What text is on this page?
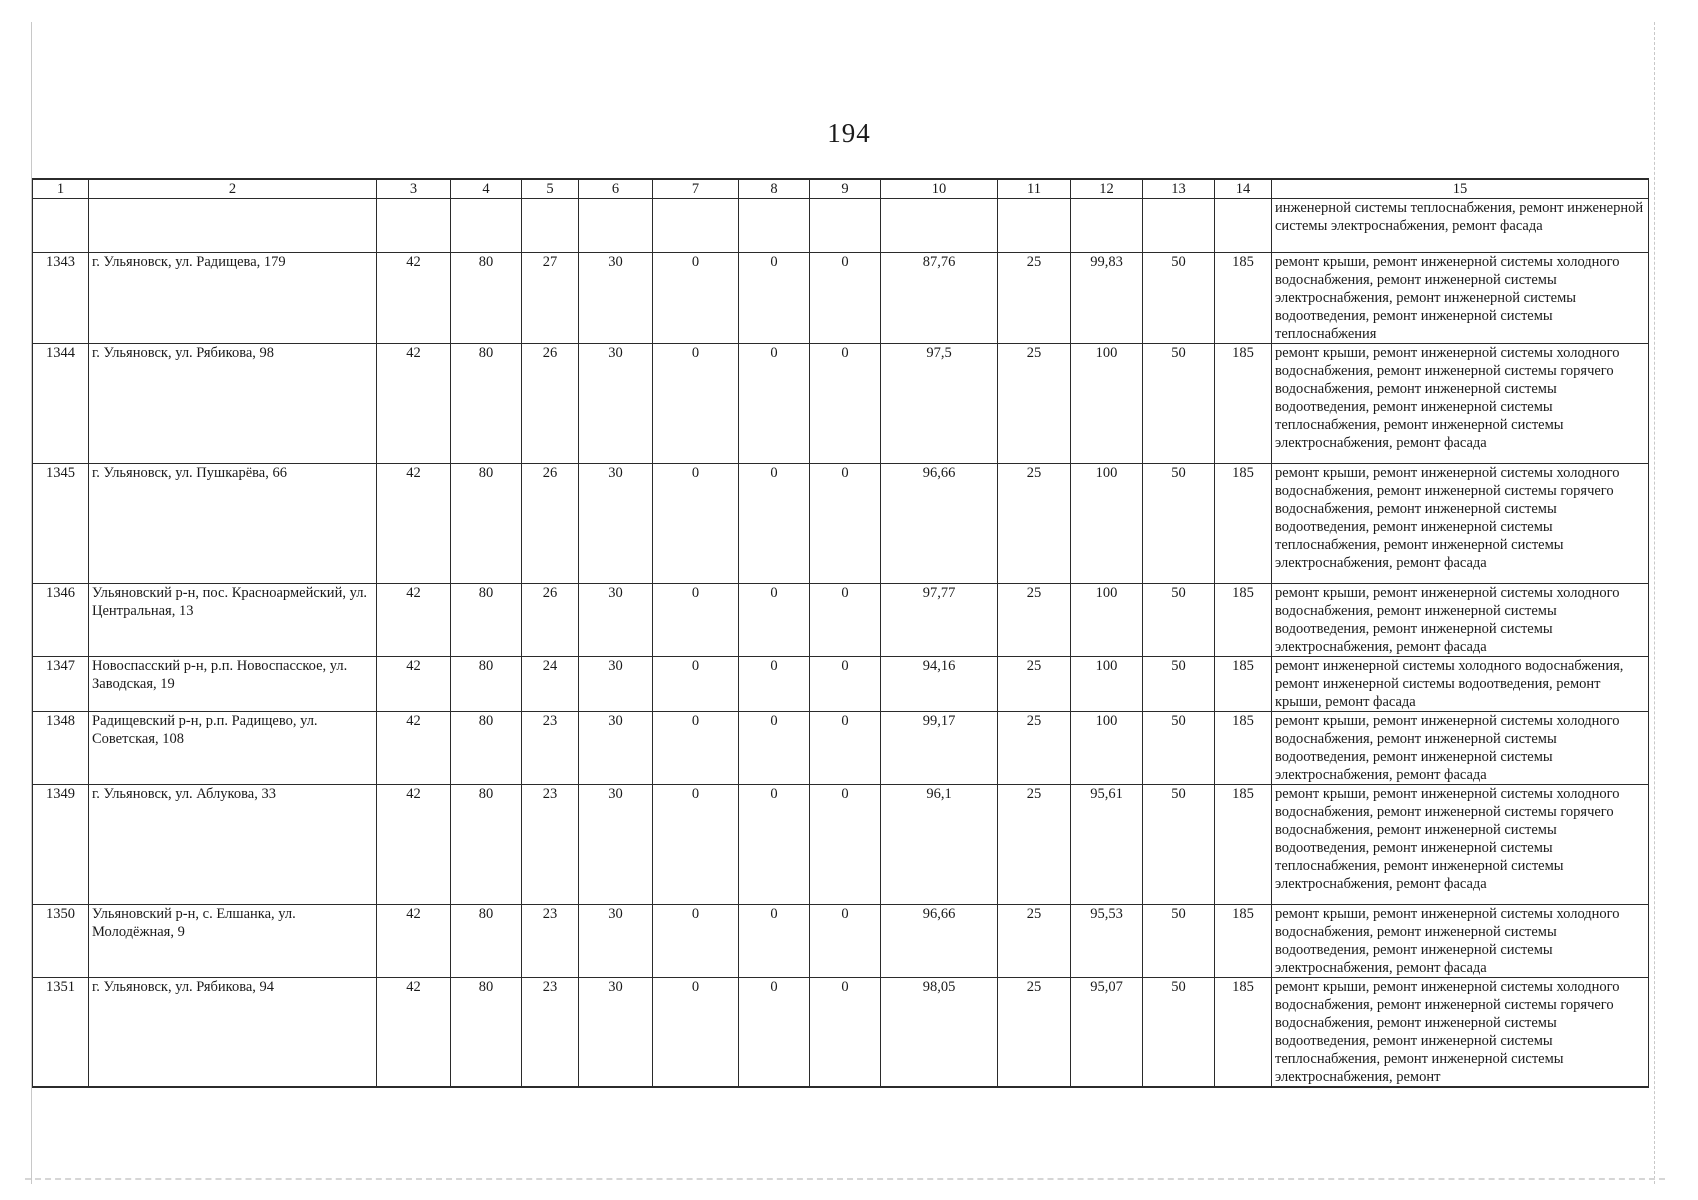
194
1	2	3	4	5	6	7	8	9	10	11	12	13	14	15
														инженерной системы теплоснабжения, ремонт инженерной системы электроснабжения, ремонт фасада
1343	г. Ульяновск, ул. Радищева, 179	42	80	27	30	0	0	0	87,76	25	99,83	50	185	ремонт крыши, ремонт инженерной системы холодного водоснабжения, ремонт инженерной системы электроснабжения, ремонт инженерной системы водоотведения, ремонт инженерной системы теплоснабжения
1344	г. Ульяновск, ул. Рябикова, 98	42	80	26	30	0	0	0	97,5	25	100	50	185	ремонт крыши, ремонт инженерной системы холодного водоснабжения, ремонт инженерной системы горячего водоснабжения, ремонт инженерной системы водоотведения, ремонт инженерной системы теплоснабжения, ремонт инженерной системы электроснабжения, ремонт фасада
1345	г. Ульяновск, ул. Пушкарёва, 66	42	80	26	30	0	0	0	96,66	25	100	50	185	ремонт крыши, ремонт инженерной системы холодного водоснабжения, ремонт инженерной системы горячего водоснабжения, ремонт инженерной системы водоотведения, ремонт инженерной системы теплоснабжения, ремонт инженерной системы электроснабжения, ремонт фасада
1346	Ульяновский р-н, пос. Красноармейский, ул. Центральная, 13	42	80	26	30	0	0	0	97,77	25	100	50	185	ремонт крыши, ремонт инженерной системы холодного водоснабжения, ремонт инженерной системы водоотведения, ремонт инженерной системы электроснабжения, ремонт фасада
1347	Новоспасский р-н, р.п. Новоспасское, ул. Заводская, 19	42	80	24	30	0	0	0	94,16	25	100	50	185	ремонт инженерной системы холодного водоснабжения, ремонт инженерной системы водоотведения, ремонт крыши, ремонт фасада
1348	Радищевский р-н, р.п. Радищево, ул. Советская, 108	42	80	23	30	0	0	0	99,17	25	100	50	185	ремонт крыши, ремонт инженерной системы холодного водоснабжения, ремонт инженерной системы водоотведения, ремонт инженерной системы электроснабжения, ремонт фасада
1349	г. Ульяновск, ул. Аблукова, 33	42	80	23	30	0	0	0	96,1	25	95,61	50	185	ремонт крыши, ремонт инженерной системы холодного водоснабжения, ремонт инженерной системы горячего водоснабжения, ремонт инженерной системы водоотведения, ремонт инженерной системы теплоснабжения, ремонт инженерной системы электроснабжения, ремонт фасада
1350	Ульяновский р-н, с. Елшанка, ул. Молодёжная, 9	42	80	23	30	0	0	0	96,66	25	95,53	50	185	ремонт крыши, ремонт инженерной системы холодного водоснабжения, ремонт инженерной системы водоотведения, ремонт инженерной системы электроснабжения, ремонт фасада
1351	г. Ульяновск, ул. Рябикова, 94	42	80	23	30	0	0	0	98,05	25	95,07	50	185	ремонт крыши, ремонт инженерной системы холодного водоснабжения, ремонт инженерной системы горячего водоснабжения, ремонт инженерной системы водоотведения, ремонт инженерной системы теплоснабжения, ремонт инженерной системы электроснабжения, ремонт
